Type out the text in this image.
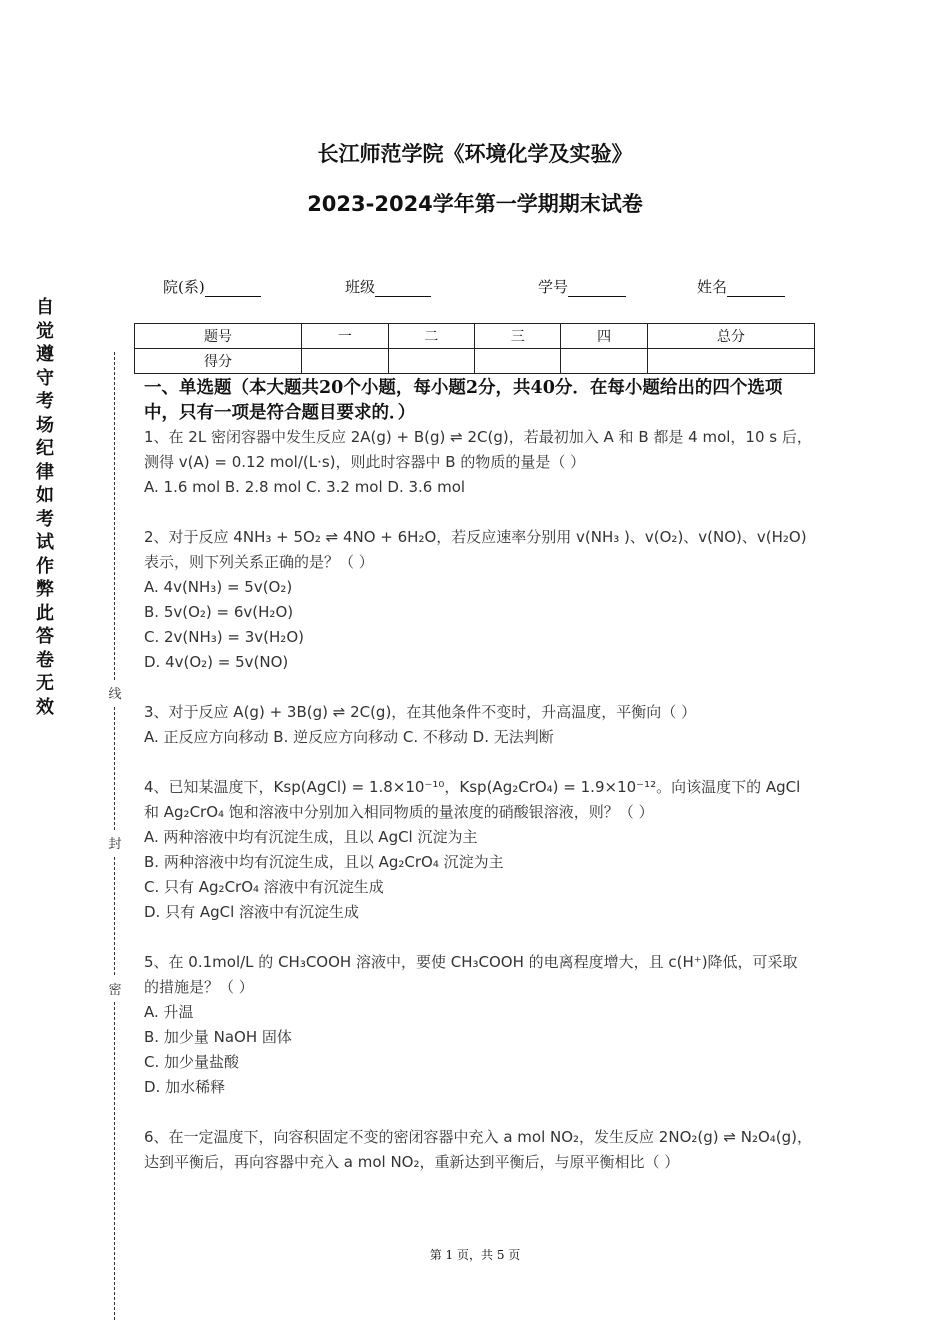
长江师范学院《环境化学及实验》
2023-2024学年第一学期期末试卷
自觉遵守考场纪律如考试作弊此答卷无效
线
封
密
院(系)	班级	学号	姓名
题号	一	二	三	四	总分
得分					
一、单选题（本大题共20个小题，每小题2分，共40分．在每小题给出的四个选项中，只有一项是符合题目要求的．）
1、在 2L 密闭容器中发生反应 2A(g) + B(g) ⇌ 2C(g)，若最初加入 A 和 B 都是 4 mol，10 s 后，测得 v(A) = 0.12 mol/(L·s)，则此时容器中 B 的物质的量是（ ）
A. 1.6 mol B. 2.8 mol C. 3.2 mol D. 3.6 mol
2、对于反应 4NH₃ + 5O₂ ⇌ 4NO + 6H₂O，若反应速率分别用 v(NH₃ )、v(O₂)、v(NO)、v(H₂O)表示，则下列关系正确的是？（ ）
A. 4v(NH₃) = 5v(O₂)
B. 5v(O₂) = 6v(H₂O)
C. 2v(NH₃) = 3v(H₂O)
D. 4v(O₂) = 5v(NO)
3、对于反应 A(g) + 3B(g) ⇌ 2C(g)，在其他条件不变时，升高温度，平衡向（ ）
A. 正反应方向移动 B. 逆反应方向移动 C. 不移动 D. 无法判断
4、已知某温度下，Ksp(AgCl) = 1.8×10⁻¹⁰，Ksp(Ag₂CrO₄) = 1.9×10⁻¹²。向该温度下的 AgCl 和 Ag₂CrO₄ 饱和溶液中分别加入相同物质的量浓度的硝酸银溶液，则？（ ）
A. 两种溶液中均有沉淀生成，且以 AgCl 沉淀为主
B. 两种溶液中均有沉淀生成，且以 Ag₂CrO₄ 沉淀为主
C. 只有 Ag₂CrO₄ 溶液中有沉淀生成
D. 只有 AgCl 溶液中有沉淀生成
5、在 0.1mol/L 的 CH₃COOH 溶液中，要使 CH₃COOH 的电离程度增大，且 c(H⁺)降低，可采取的措施是？（ ）
A. 升温
B. 加少量 NaOH 固体
C. 加少量盐酸
D. 加水稀释
6、在一定温度下，向容积固定不变的密闭容器中充入 a mol NO₂，发生反应 2NO₂(g) ⇌ N₂O₄(g)，达到平衡后，再向容器中充入 a mol NO₂，重新达到平衡后，与原平衡相比（ ）
第 1 页，共 5 页
